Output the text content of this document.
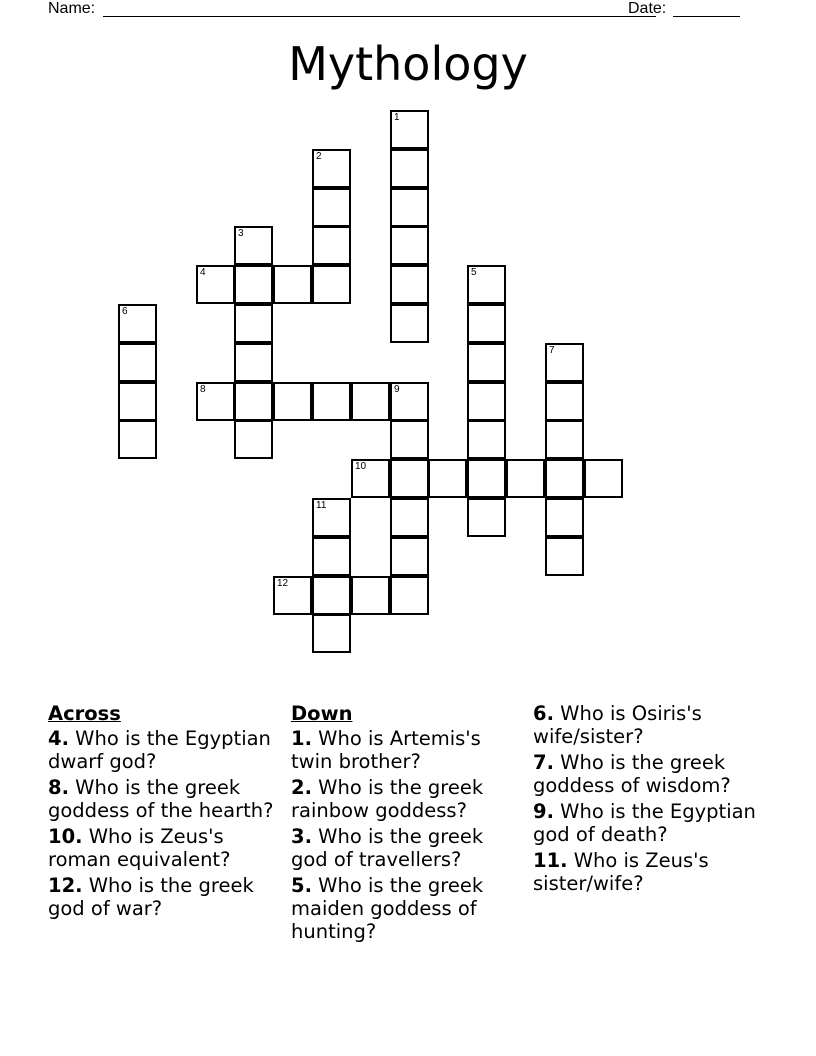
Name:	Date:
Mythology
1
2
3
4	5
6
7
8	9
10
11
12
Across
4. Who is the Egyptian dwarf god?
8. Who is the greek goddess of the hearth?
10. Who is Zeus's roman equivalent?
12. Who is the greek god of war?
Down
1. Who is Artemis's twin brother?
2. Who is the greek rainbow goddess?
3. Who is the greek god of travellers?
5. Who is the greek maiden goddess of hunting?
6. Who is Osiris's wife/sister?
7. Who is the greek goddess of wisdom?
9. Who is the Egyptian god of death?
11. Who is Zeus's sister/wife?
